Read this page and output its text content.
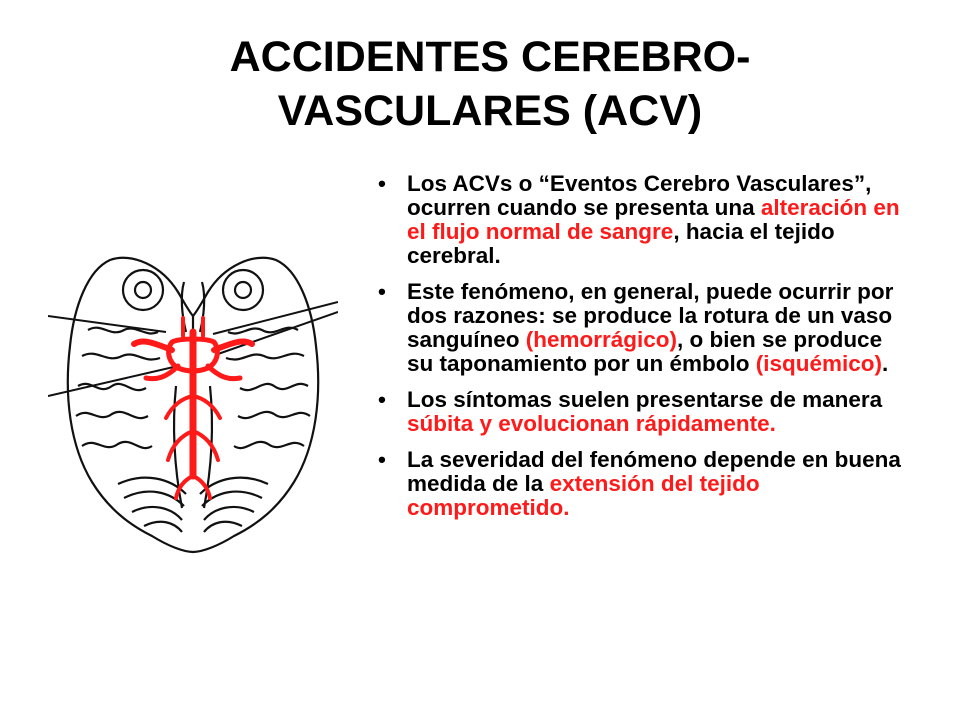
ACCIDENTES CEREBRO-
VASCULARES (ACV)
• Los ACVs o “Eventos Cerebro Vasculares”, ocurren cuando se presenta una alteración en el flujo normal de sangre, hacia el tejido cerebral.
• Este fenómeno, en general, puede ocurrir por dos razones: se produce la rotura de un vaso sanguíneo (hemorrágico), o bien se produce su taponamiento por un émbolo (isquémico).
• Los síntomas suelen presentarse de manera súbita y evolucionan rápidamente.
• La severidad del fenómeno depende en buena medida de la extensión del tejido comprometido.
